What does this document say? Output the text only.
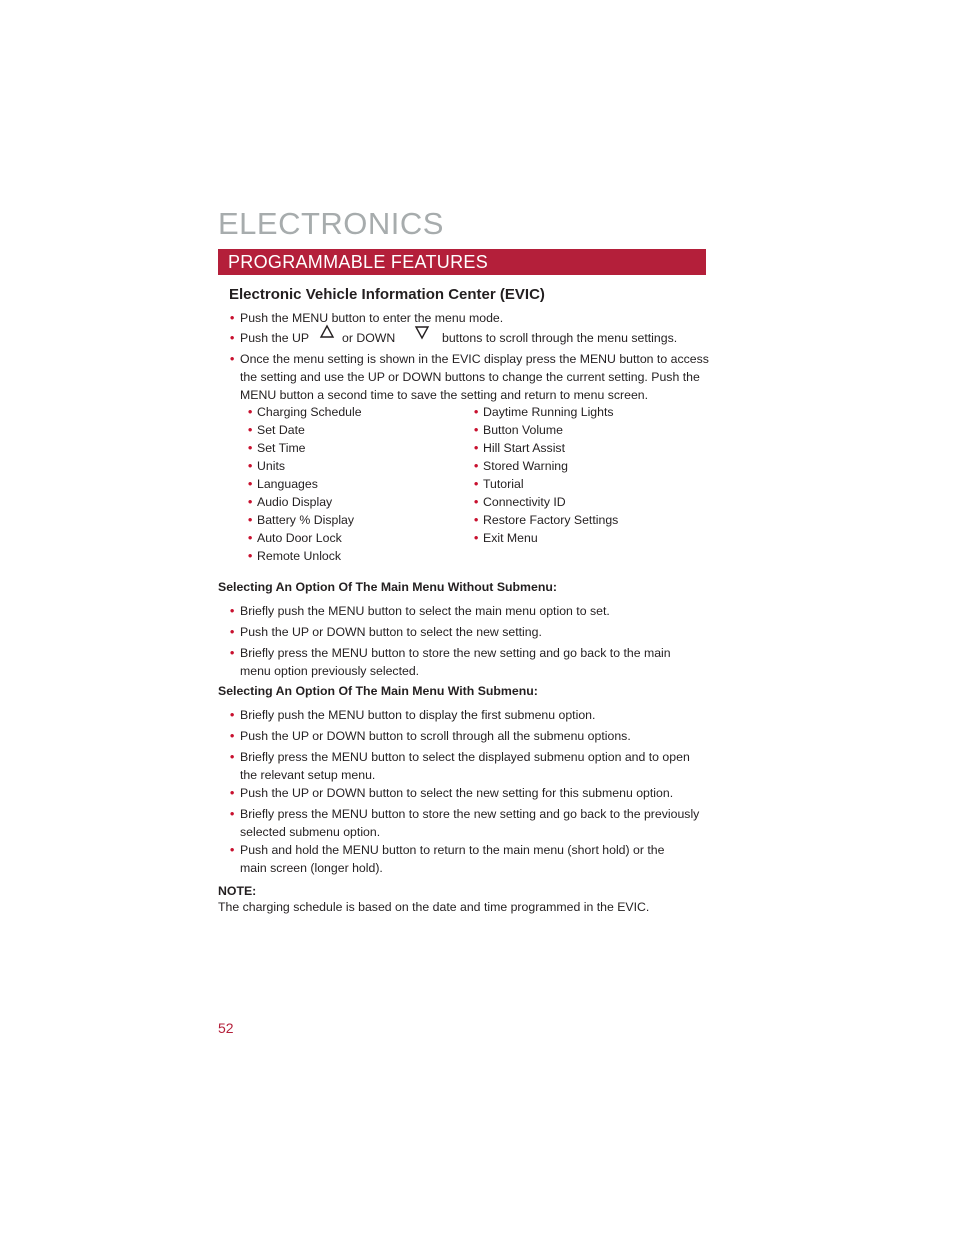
ELECTRONICS
PROGRAMMABLE FEATURES
Electronic Vehicle Information Center (EVIC)
• Push the MENU button to enter the menu mode.
• Push the UP	or DOWN	buttons to scroll through the menu settings.
• Once the menu setting is shown in the EVIC display press the MENU button to access
the setting and use the UP or DOWN buttons to change the current setting. Push the
MENU button a second time to save the setting and return to menu screen.
• Charging Schedule
• Set Date
• Set Time
• Units
• Languages
• Audio Display
• Battery % Display
• Auto Door Lock
• Remote Unlock
• Daytime Running Lights
• Button Volume
• Hill Start Assist
• Stored Warning
• Tutorial
• Connectivity ID
• Restore Factory Settings
• Exit Menu
Selecting An Option Of The Main Menu Without Submenu:
• Briefly push the MENU button to select the main menu option to set.
• Push the UP or DOWN button to select the new setting.
• Briefly press the MENU button to store the new setting and go back to the main
menu option previously selected.
Selecting An Option Of The Main Menu With Submenu:
• Briefly push the MENU button to display the first submenu option.
• Push the UP or DOWN button to scroll through all the submenu options.
• Briefly press the MENU button to select the displayed submenu option and to open
the relevant setup menu.
• Push the UP or DOWN button to select the new setting for this submenu option.
• Briefly press the MENU button to store the new setting and go back to the previously
selected submenu option.
• Push and hold the MENU button to return to the main menu (short hold) or the
main screen (longer hold).
NOTE:
The charging schedule is based on the date and time programmed in the EVIC.
52
